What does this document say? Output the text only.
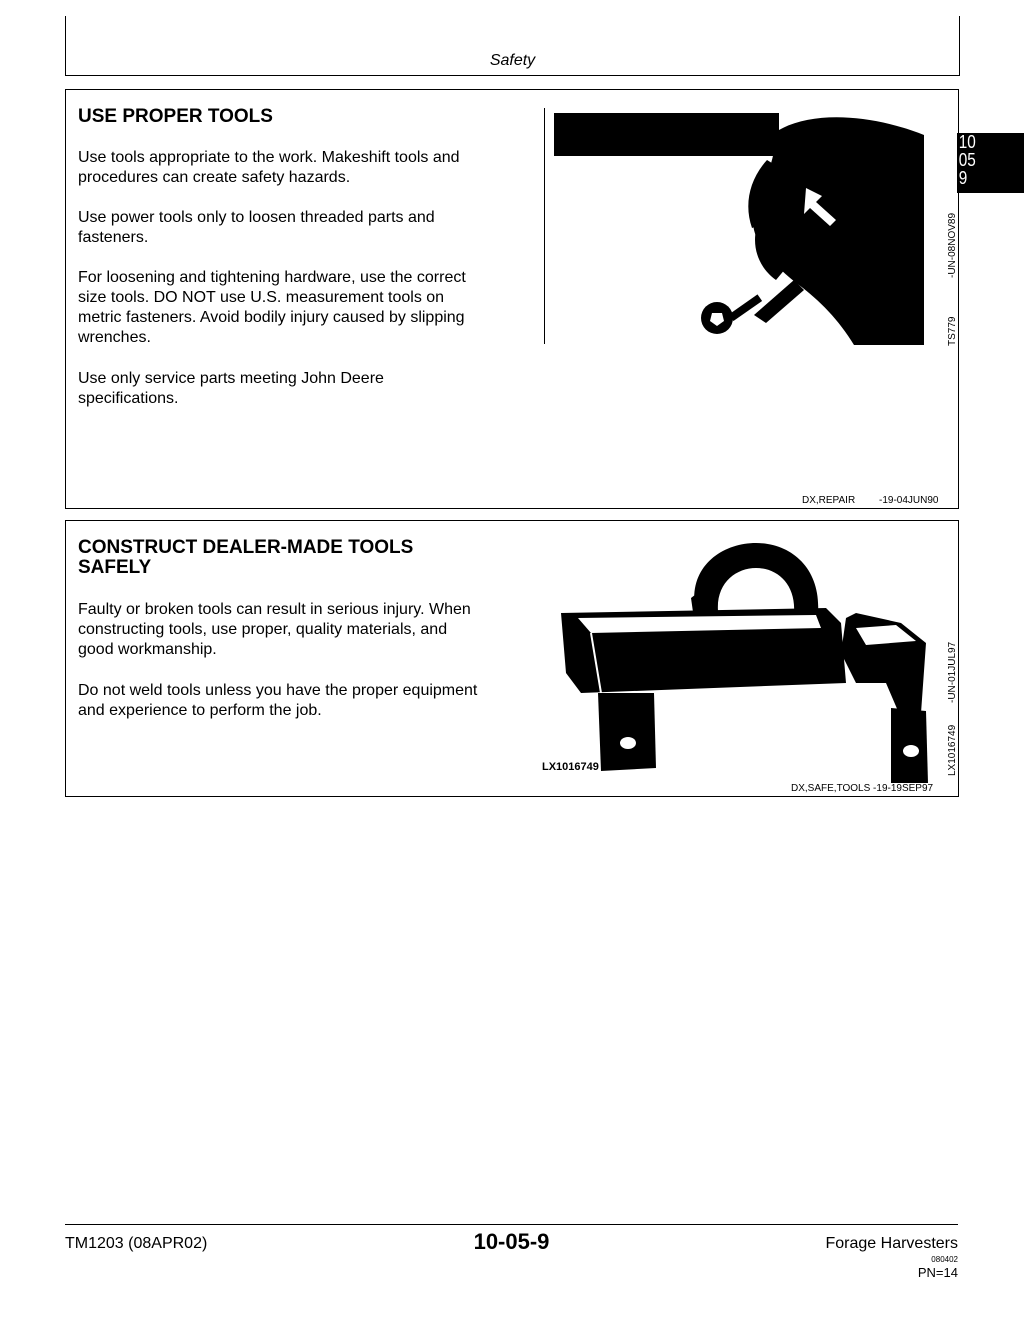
Safety
10
05
9
USE PROPER TOOLS
Use tools appropriate to the work. Makeshift tools and
procedures can create safety hazards.
Use power tools only to loosen threaded parts and
fasteners.
For loosening and tightening hardware, use the correct
size tools. DO NOT use U.S. measurement tools on
metric fasteners. Avoid bodily injury caused by slipping
wrenches.
Use only service parts meeting John Deere
specifications.
-UN-08NOV89
TS779
DX,REPAIR -19-04JUN90
CONSTRUCT DEALER-MADE TOOLS
SAFELY
Faulty or broken tools can result in serious injury. When
constructing tools, use proper, quality materials, and
good workmanship.
Do not weld tools unless you have the proper equipment
and experience to perform the job.
LX1016749
-UN-01JUL97
LX1016749
DX,SAFE,TOOLS -19-19SEP97
TM1203 (08APR02)	10-05-9	Forage Harvesters
080402
PN=14
